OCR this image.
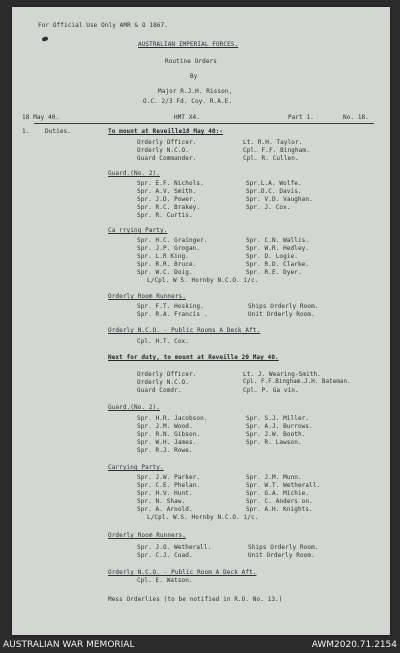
For Official Use Only AMR & O 1867.
AUSTRALIAN IMPERIAL FORCES.
Routine Orders
By
Major R.J.H. Risson,
O.C. 2/3 Fd. Coy. R.A.E.
18 May 40.	HMT X4.	Part 1.	No. 18.
1.	Duties.	To mount at Reveille18 May 40:-
Orderly Officer.	Lt. R.H. Taylor.
Orderly N.C.O.	Cpl. F.F. Bingham.
Guard Commander.	Cpl. R. Cullen.
Guard.(No. 2).
Spr. E.F. Nichols.	Spr.L.A. Wolfe.
Spr. A.V. Smith.	Spr.D.C. Davis.
Spr. J.D. Power.	Spr. V.D. Vaughan.
Spr. R.C. Brakey.	Spr. J. Cox.
Spr. R. Curtis.
Ca rrying Party.
Spr. H.C. Grainger.	Spr. C.N. Wallis.
Spr. J.P. Grogan.	Spr. W.R. Hedley.
Spr. L.R King.	Spr. D. Logie.
Spr. R.R. Bruce.	Spr. R.D. Clarke.
Spr. W.C. Doig.	Spr. R.E. Dyer.
L/Cpl. W S. Hornby N.C.O. i/c.
Orderly Room Runners.
Spr. F.T. Hosking.	Ships Orderly Room.
Spr. R.A. Francis .	Unit Orderly Room.
Orderly N.C.O. - Public Rooms A Deck Aft.
Cpl. H.T. Cox.
Next for duty, to mount at Reveille 20 May 40.
Orderly Officer.	Lt. J. Wearing-Smith.
Orderly N.C.O.	Cpl. F.F.Bingham.J.H. Bateman.
Guard Comdr.	Cpl. P. Ga vin.
Guard.(No. 2).
Spr. H.R. Jacobson.	Spr. S.J. Miller.
Spr. J.M. Wood.	Spr. A.J. Burrows.
Spr. R.N. Gibson.	Spr. J.W. Booth.
Spr. W.H. James.	Spr. R. Lawson.
Spr. R.J. Rowe.
Carrying Party.
Spr. J.W. Parker.	Spr. J.M. Munn.
Spr. C.E. Phelan.	Spr. W.T. Wetherall.
Spr. H.V. Hunt.	Spr. G.A. Michie.
Spr. N. Shaw.	Spr. C. Anders on.
Spr. A. Arnold.	Spr. A.H. Knights.
L/Cpl. W.S. Hornby N.C.O. i/c.
Orderly Room Runners.
Spr. J.O. Wetherall.	Ships Orderly Room.
Spr. C.J. Coad.	Unit Orderly Room.
Orderly N.C.O. - Public Room A Deck Aft.
Cpl. E. Watson.
Mess Orderlies (to be notified in R.O. No. 13.)
AUSTRALIAN WAR MEMORIAL	AWM2020.71.2154
